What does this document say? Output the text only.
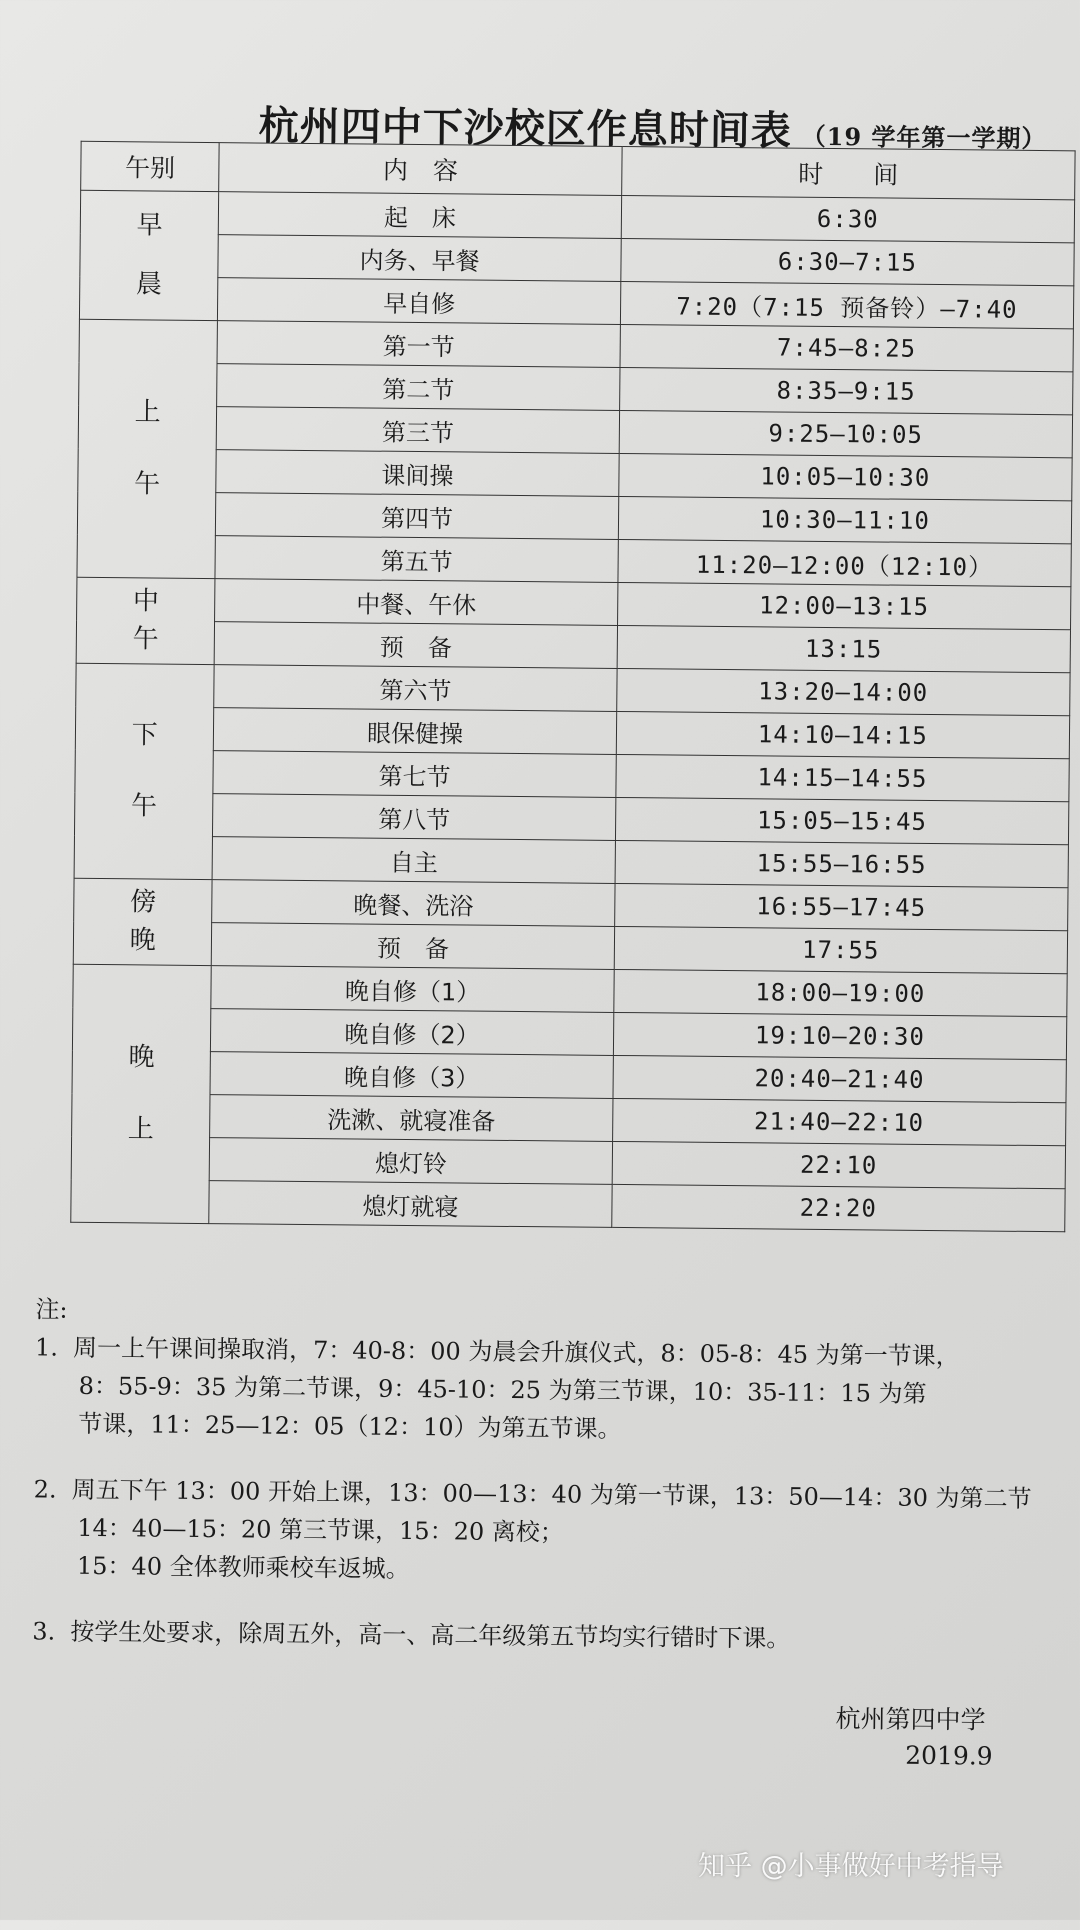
杭州四中下沙校区作息时间表 （19 学年第一学期）
午别	内　容	时　　间

早
晨	起　床	6:30
	内务、早餐	6:30—7:15
	早自修	7:20（7:15 预备铃）—7:40

上
午	第一节	7:45—8:25
	第二节	8:35—9:15
	第三节	9:25—10:05
	课间操	10:05—10:30
	第四节	10:30—11:10
	第五节	11:20—12:00（12:10）

中
午	中餐、午休	12:00—13:15
	预　备	13:15

下
午	第六节	13:20—14:00
	眼保健操	14:10—14:15
	第七节	14:15—14:55
	第八节	15:05—15:45
	自主	15:55—16:55

傍
晚	晚餐、洗浴	16:55—17:45
	预　备	17:55

晚
上	晚自修（1）	18:00—19:00
	晚自修（2）	19:10—20:30
	晚自修（3）	20:40—21:40
	洗漱、就寝准备	21:40—22:10
	熄灯铃	22:10
	熄灯就寝	22:20
注:
1. 周一上午课间操取消，7：40-8：00 为晨会升旗仪式，8：05-8：45 为第一节课，
8：55-9：35 为第二节课，9：45-10：25 为第三节课，10：35-11：15 为第
节课，11：25—12：05（12：10）为第五节课。
2. 周五下午 13：00 开始上课，13：00—13：40 为第一节课，13：50—14：30 为第二节
14：40—15：20 第三节课，15：20 离校；
15：40 全体教师乘校车返城。
3. 按学生处要求，除周五外，高一、高二年级第五节均实行错时下课。
杭州第四中学
2019.9
知乎 @小事做好中考指导
